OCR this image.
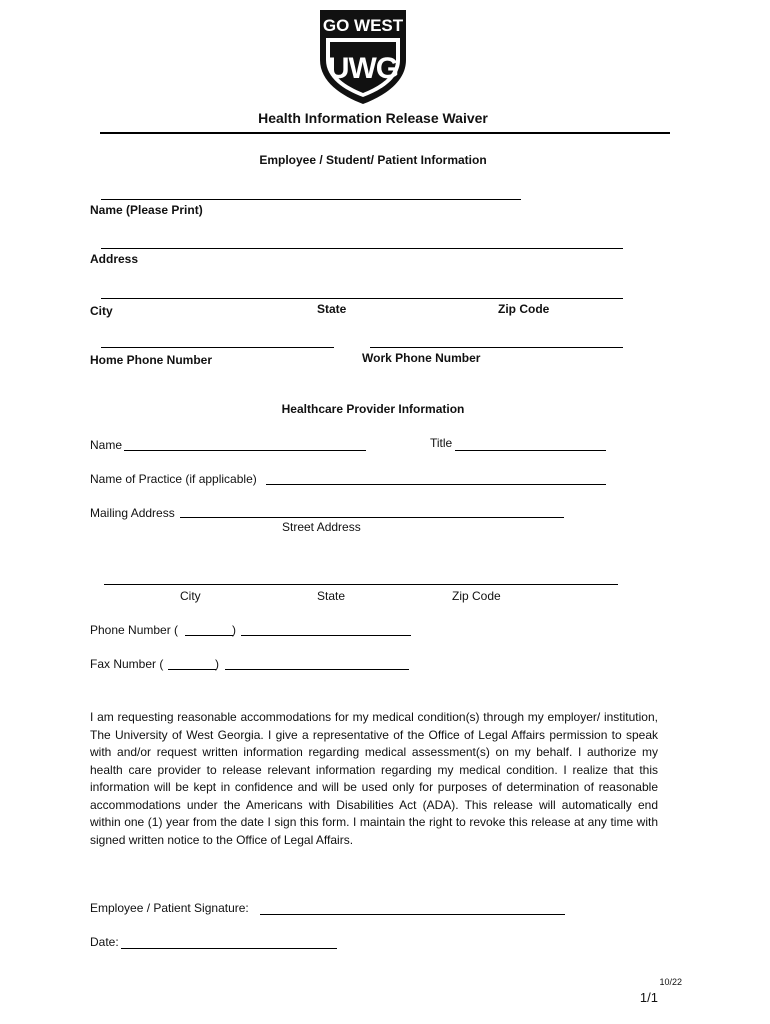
GO WEST
UWG
Health Information Release Waiver
Employee / Student/ Patient Information
Name (Please Print)
Address
City	State	Zip Code
Home Phone Number	Work Phone Number
Healthcare Provider Information
Name	Title
Name of Practice (if applicable)
Mailing Address
Street Address
City	State	Zip Code
Phone Number (	)
Fax Number (	)
I am requesting reasonable accommodations for my medical condition(s) through my employer/ institution, The University of West Georgia. I give a representative of the Office of Legal Affairs permission to speak with and/or request written information regarding medical assessment(s) on my behalf. I authorize my health care provider to release relevant information regarding my medical condition. I realize that this information will be kept in confidence and will be used only for purposes of determination of reasonable accommodations under the Americans with Disabilities Act (ADA). This release will automatically end within one (1) year from the date I sign this form. I maintain the right to revoke this release at any time with signed written notice to the Office of Legal Affairs.
Employee / Patient Signature:
Date:
10/22
1/1
